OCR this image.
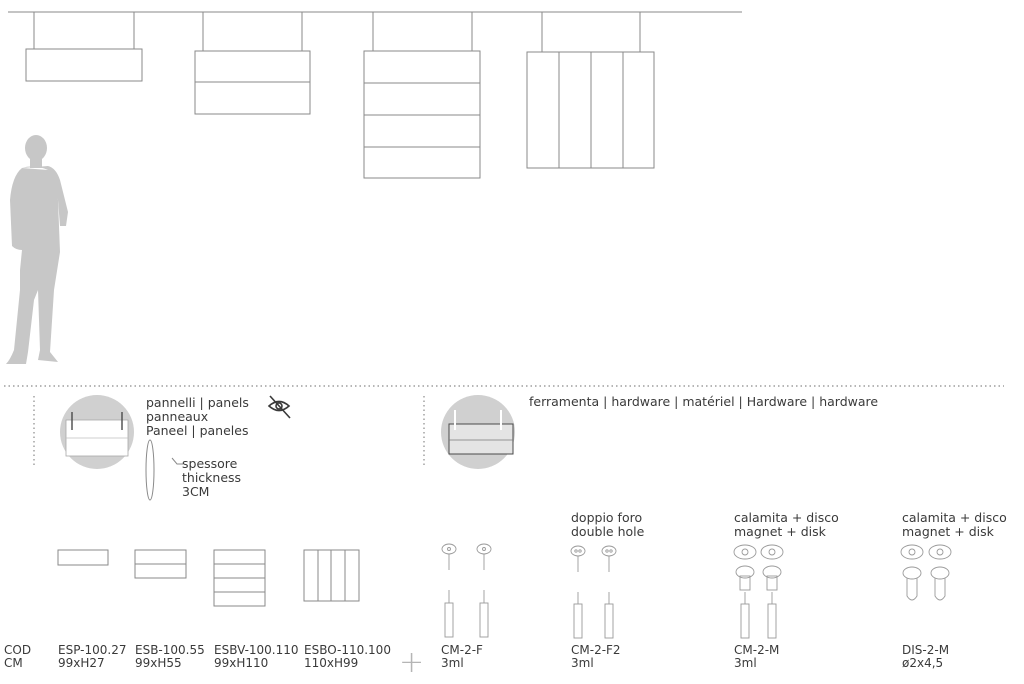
pannelli | panels
panneaux
Paneel | paneles
spessore
thickness
3CM
ferramenta | hardware | matériel | Hardware | hardware
doppio foro
double hole
calamita + disco
magnet + disk
calamita + disco
magnet + disk
COD
CM
ESP-100.27
99xH27
ESB-100.55
99xH55
ESBV-100.110
99xH110
ESBO-110.100
110xH99	+ CM-2-F
3ml
CM-2-F2
3ml
CM-2-M
3ml
DIS-2-M
ø2x4,5
